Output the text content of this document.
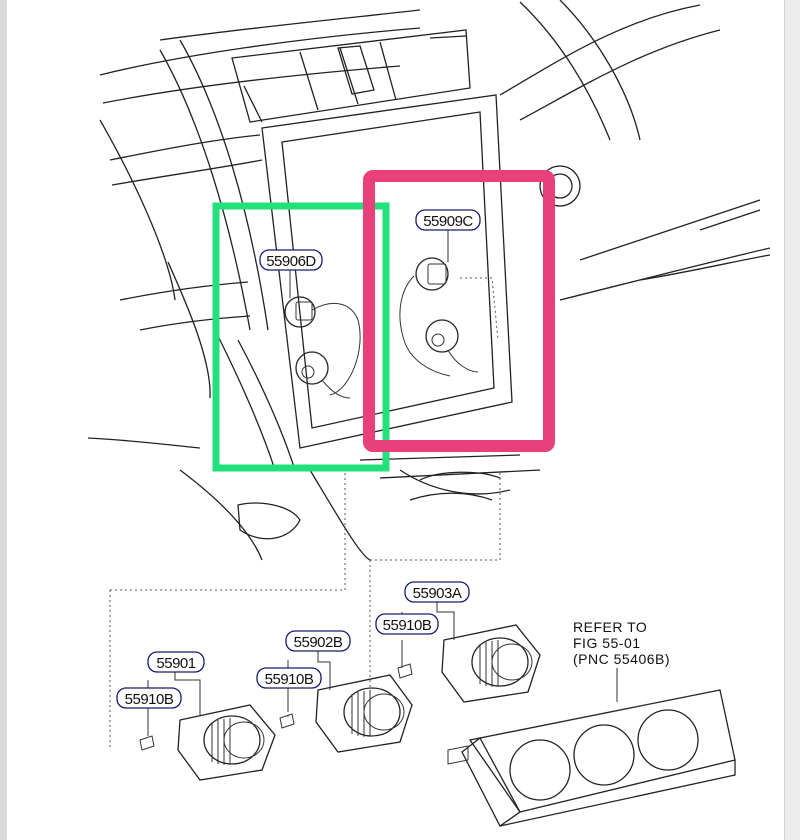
55906D
55909C
55903A
55910B
55902B
55910B
55901
55910B
REFER TO
FIG 55-01
(PNC 55406B)
